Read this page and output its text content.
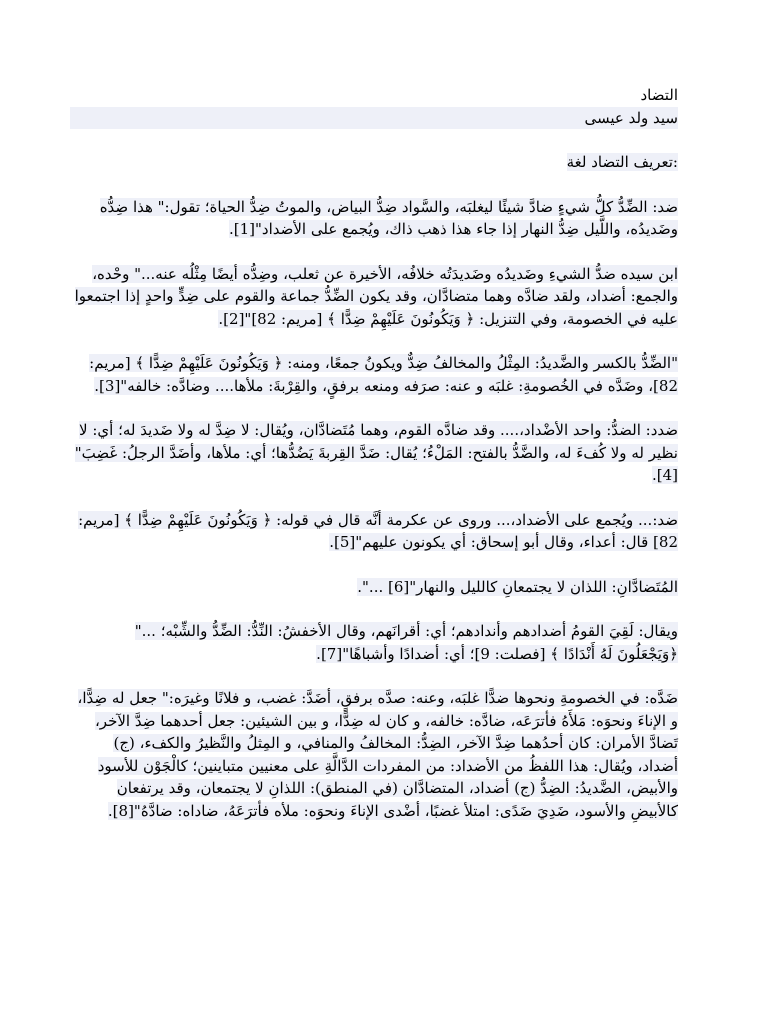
التضاد
سيد ولد عيسى

:تعريف التضاد لغة

ضد: الضِّدُّ كلُّ شيءٍ ضادَّ شيئًا ليغلبَه، والسَّواد ضِدُّ البياض، والموتُ ضِدُّ الحياة؛ تقول:" هذا ضِدُّه وضَديدُه، واللَّيل ضِدُّ النهار إذا جاء هذا ذهب ذاك، ويُجمع على الأضداد"[1].

ابن سيده ضدُّ الشيءِ وضَديدُه وضَديدَتُه خلافُه، الأخيرة عن ثعلب، وضِدُّه أيضًا مِثْلُه عنه..." وحْده، والجمع: أضداد، ولقد ضادَّه وهما متضادَّان، وقد يكون الضِّدُّ جماعة والقوم على ضِدٍّ واحدٍ إذا اجتمعوا عليه في الخصومة، وفي التنزيل: ﴿ وَيَكُونُونَ عَلَيْهِمْ ضِدًّا ﴾ [مريم: 82]"[2].

"الضِّدُّ بالكسر والضَّديدُ: المِثْلُ والمخالفُ ضِدٌّ ويكونُ جمعًا، ومنه: ﴿ وَيَكُونُونَ عَلَيْهِمْ ضِدًّا ﴾ [مريم: 82]، وضَدَّه في الخُصومةِ: غلبَه و عنه: صرَفه ومنعه برفقٍ، والقِرْبةَ: ملأها.... وضادَّه: خالفه"[3].

ضدد: الضدُّ: واحد الأضْداد،.... وقد ضادَّه القوم، وهما مُتَضادَّان، ويُقال: لا ضِدَّ له ولا ضَديدَ له؛ أي: لا نظير له ولا كُفءَ له، والضَّدُّ بالفتح: المَلْءُ؛ يُقال: ضَدَّ القِربةَ يَضُدُّها؛ أي: ملأها، وأضَدَّ الرجلُ: غَضِبَ"[4].

ضد:... ويُجمع على الأضداد،... وروى عن عكرمة أنَّه قال في قوله: ﴿ وَيَكُونُونَ عَلَيْهِمْ ضِدًّا ﴾ [مريم: 82] قال: أعداء، وقال أبو إسحاق: أي يكونون عليهم"[5].

المُتَضادَّانِ: اللذان لا يجتمعانِ كالليل والنهار"[6] ...".

ويقال: لَقِيَ القومُ أضدادهم وأندادهم؛ أي: أقرانَهم، وقال الأخفشُ: النِّدُّ: الضِّدُّ والشِّبْه؛ ..." ﴿وَيَجْعَلُونَ لَهُ أَنْدَادًا ﴾ [فصلت: 9]؛ أي: أضدادًا وأشباهًا"[7].

ضَدَّه: في الخصومةِ ونحوها ضدًّا غلبَه، وعنه: صدَّه برفقٍ، أضَدَّ: غضب، و فلانًا وغيرَه:" جعل له ضِدًّا، و الإناءَ ونحوَه: مَلأَهُ فأترَعَه، ضادَّه: خالفه، و كان له ضِدًّا، و بين الشيئين: جعل أحدهما ضِدَّ الآخر، تَضادَّ الأمران: كان أحدُهما ضِدَّ الآخر، الضِدُّ: المخالفُ والمنافي، و المِثلُ والنَّظيرُ والكفء، (ج) أضداد، ويُقال: هذا اللفظُ من الأضداد: من المفردات الدَّالَّةِ على معنيين متباينين؛ كالْجَوْن للأسود والأبيض، الضَّديدُ: الضِدُّ (ج) أضداد، المتضادَّان (في المنطق): اللذانِ لا يجتمعان، وقد يرتفعان كالأبيضِ والأسود، ضَدِيَ ضَدًى: امتلأ غضبًا، أضْدى الإناءَ ونحوَه: ملأه فأترَعَهُ، ضاداه: ضادَّهُ"[8].
